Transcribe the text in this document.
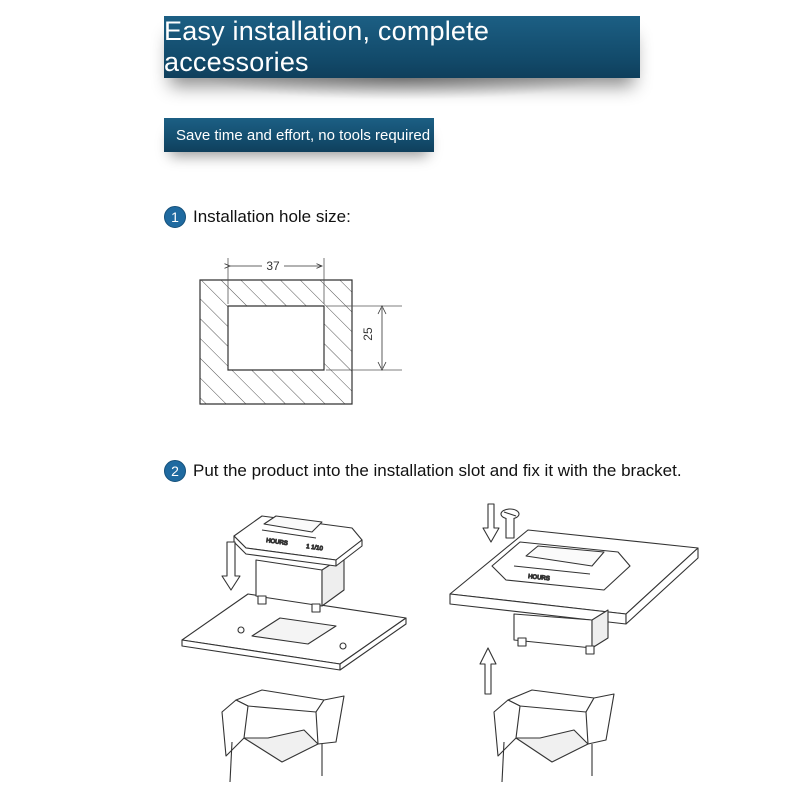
Easy installation, complete accessories
Save time and effort, no tools required
1 Installation hole size:
2 Put the product into the installation slot and fix it with the bracket.
37
25
HOURS
1 1/10
HOURS
